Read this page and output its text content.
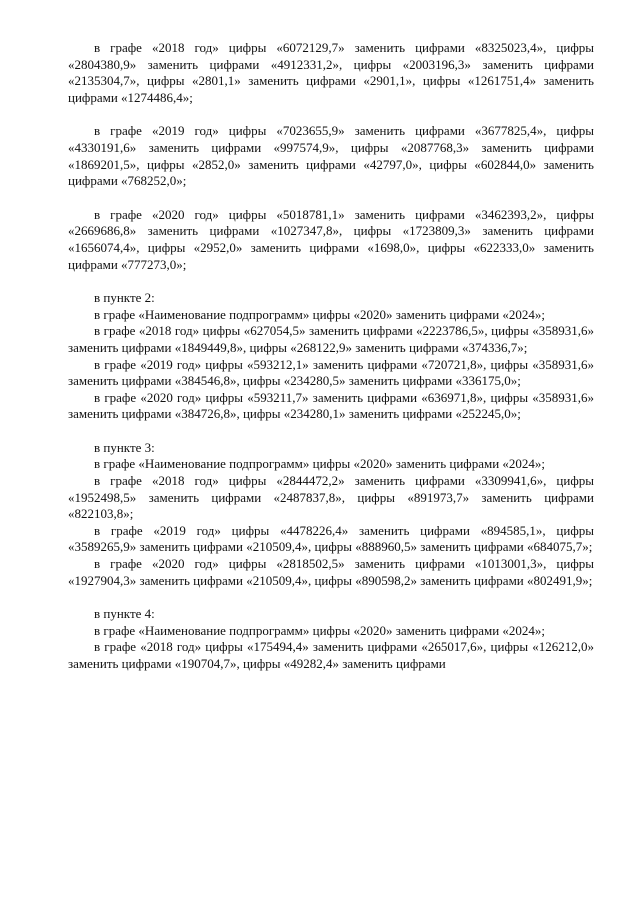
в графе «2018 год» цифры «6072129,7» заменить цифрами «8325023,4», цифры «2804380,9» заменить цифрами «4912331,2», цифры «2003196,3» заменить цифрами «2135304,7», цифры «2801,1» заменить цифрами «2901,1», цифры «1261751,4» заменить цифрами «1274486,4»;

в графе «2019 год» цифры «7023655,9» заменить цифрами «3677825,4», цифры «4330191,6» заменить цифрами «997574,9», цифры «2087768,3» заменить цифрами «1869201,5», цифры «2852,0» заменить цифрами «42797,0», цифры «602844,0» заменить цифрами «768252,0»;

в графе «2020 год» цифры «5018781,1» заменить цифрами «3462393,2», цифры «2669686,8» заменить цифрами «1027347,8», цифры «1723809,3» заменить цифрами «1656074,4», цифры «2952,0» заменить цифрами «1698,0», цифры «622333,0» заменить цифрами «777273,0»;

в пункте 2:

в графе «Наименование подпрограмм» цифры «2020» заменить цифрами «2024»;

в графе «2018 год» цифры «627054,5» заменить цифрами «2223786,5», цифры «358931,6» заменить цифрами «1849449,8», цифры «268122,9» заменить цифрами «374336,7»;

в графе «2019 год» цифры «593212,1» заменить цифрами «720721,8», цифры «358931,6» заменить цифрами «384546,8», цифры «234280,5» заменить цифрами «336175,0»;

в графе «2020 год» цифры «593211,7» заменить цифрами «636971,8», цифры «358931,6» заменить цифрами «384726,8», цифры «234280,1» заменить цифрами «252245,0»;

в пункте 3:

в графе «Наименование подпрограмм» цифры «2020» заменить цифрами «2024»;

в графе «2018 год» цифры «2844472,2» заменить цифрами «3309941,6», цифры «1952498,5» заменить цифрами «2487837,8», цифры «891973,7» заменить цифрами «822103,8»;

в графе «2019 год» цифры «4478226,4» заменить цифрами «894585,1», цифры «3589265,9» заменить цифрами «210509,4», цифры «888960,5» заменить цифрами «684075,7»;

в графе «2020 год» цифры «2818502,5» заменить цифрами «1013001,3», цифры «1927904,3» заменить цифрами «210509,4», цифры «890598,2» заменить цифрами «802491,9»;

в пункте 4:

в графе «Наименование подпрограмм» цифры «2020» заменить цифрами «2024»;

в графе «2018 год» цифры «175494,4» заменить цифрами «265017,6», цифры «126212,0» заменить цифрами «190704,7», цифры «49282,4» заменить цифрами
